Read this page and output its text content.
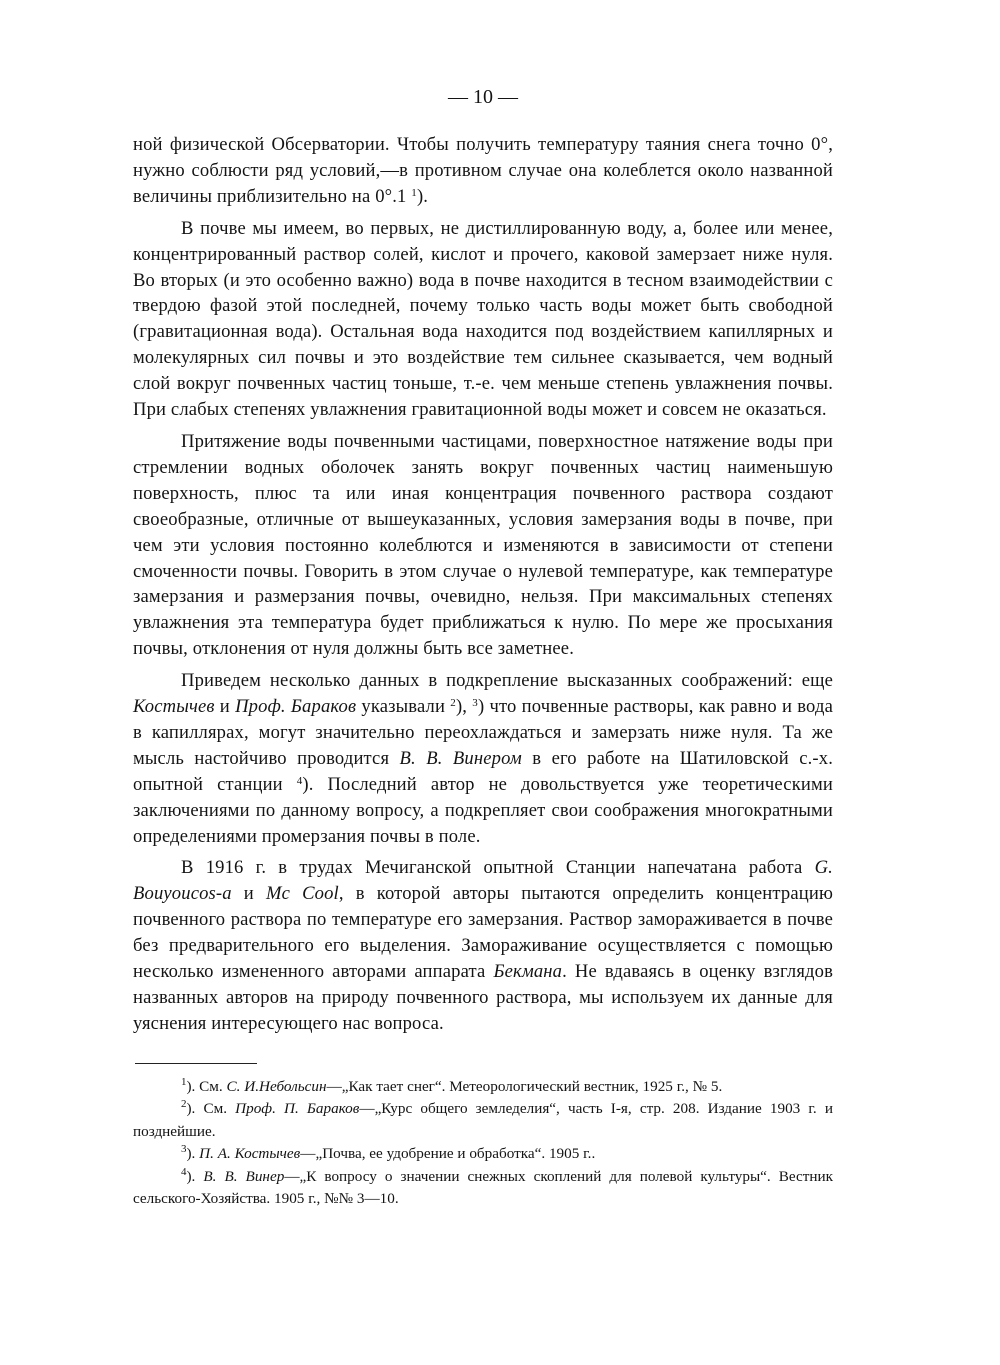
— 10 —

ной физической Обсерватории. Чтобы получить температуру таяния снега точно 0°, нужно соблюсти ряд условий,—в противном случае она колеблется около названной величины приблизительно на 0°.1 $^1$).

В почве мы имеем, во первых, не дистиллированную воду, а, более или менее, концентрированный раствор солей, кислот и прочего, каковой замерзает ниже нуля. Во вторых (и это особенно важно) вода в почве находится в тесном взаимодействии с твердою фазой этой последней, почему только часть воды может быть свободной (гравитационная вода). Остальная вода находится под воздействием капиллярных и молекулярных сил почвы и это воздействие тем сильнее сказывается, чем водный слой вокруг почвенных частиц тоньше, т.-е. чем меньше степень увлажнения почвы. При слабых степенях увлажнения гравитационной воды может и совсем не оказаться.

Притяжение воды почвенными частицами, поверхностное натяжение воды при стремлении водных оболочек занять вокруг почвенных частиц наименьшую поверхность, плюс та или иная концентрация почвенного раствора создают своеобразные, отличные от вышеуказанных, условия замерзания воды в почве, при чем эти условия постоянно колеблются и изменяются в зависимости от степени смоченности почвы. Говорить в этом случае о нулевой температуре, как температуре замерзания и размерзания почвы, очевидно, нельзя. При максимальных степенях увлажнения эта температура будет приближаться к нулю. По мере же просыхания почвы, отклонения от нуля должны быть все заметнее.

Приведем несколько данных в подкрепление высказанных соображений: еще Костычев и Проф. Бараков указывали $^2$), $^3$) что почвенные растворы, как равно и вода в капиллярах, могут значительно переохлаждаться и замерзать ниже нуля. Та же мысль настойчиво проводится В. В. Винером в его работе на Шатиловской с.-х. опытной станции $^4$). Последний автор не довольствуется уже теоретическими заключениями по данному вопросу, а подкрепляет свои соображения многократными определениями промерзания почвы в поле.

В 1916 г. в трудах Мечиганской опытной Станции напечатана работа G. Bouyoucos-a и Mc Cool, в которой авторы пытаются определить концентрацию почвенного раствора по температуре его замерзания. Раствор замораживается в почве без предварительного его выделения. Замораживание осуществляется с помощью несколько измененного авторами аппарата Бекмана. Не вдаваясь в оценку взглядов названных авторов на природу почвенного раствора, мы используем их данные для уяснения интересующего нас вопроса.

$^1$). См. С. И.Небольсин—„Как тает снег“. Метеорологический вестник, 1925 г., № 5.

$^2$). См. Проф. П. Бараков—„Курс общего земледелия“, часть I-я, стр. 208. Издание 1903 г. и позднейшие.

$^3$). П. А. Костычев—„Почва, ее удобрение и обработка“. 1905 г..

$^4$). В. В. Винер—„К вопросу о значении снежных скоплений для полевой культуры“. Вестник сельского-Хозяйства. 1905 г., №№ 3—10.
